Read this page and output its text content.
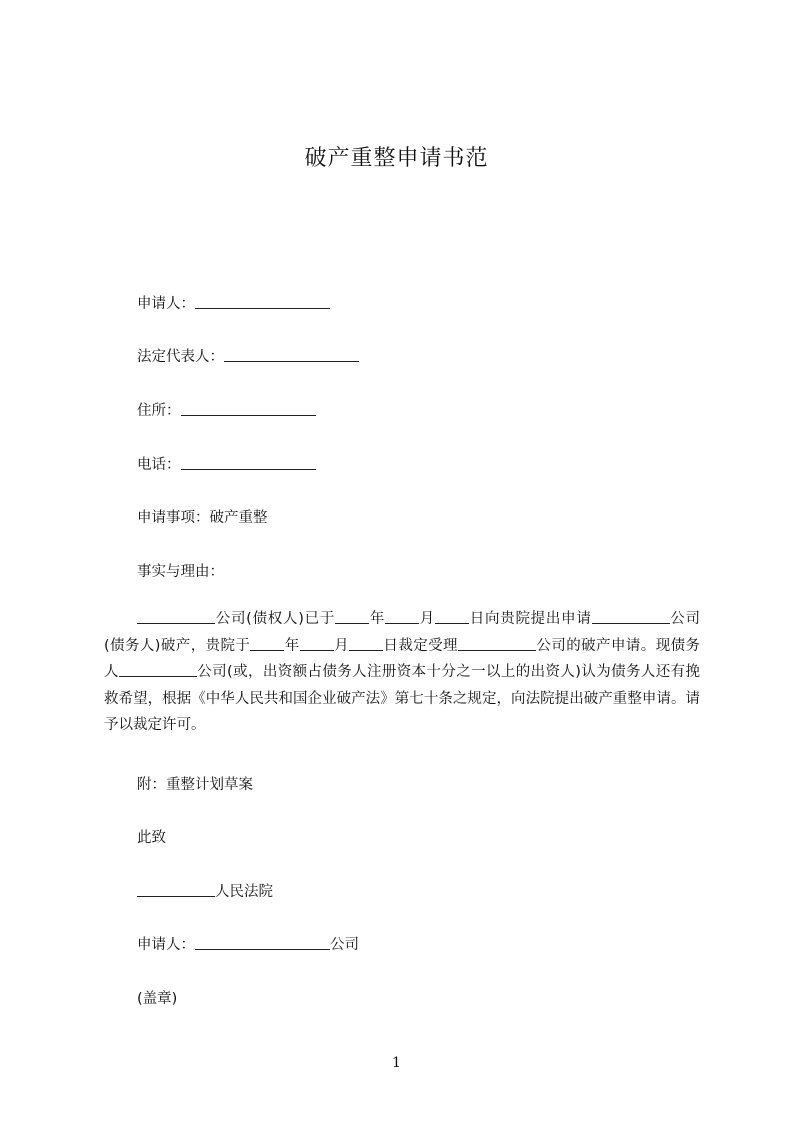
破产重整申请书范
申请人：
法定代表人：
住所：
电话：
申请事项：破产重整
事实与理由：
公司(债权人)已于 年 月 日向贵院提出申请	公司(债务人)破产，贵院于 年 月 日裁定受理	公司的破产申请。现债务人	公司(或，出资额占债务人注册资本十分之一以上的出资人)认为债务人还有挽救希望，根据《中华人民共和国企业破产法》第七十条之规定，向法院提出破产重整申请。请予以裁定许可。
附：重整计划草案
此致
人民法院
申请人：	公司
(盖章)
1
